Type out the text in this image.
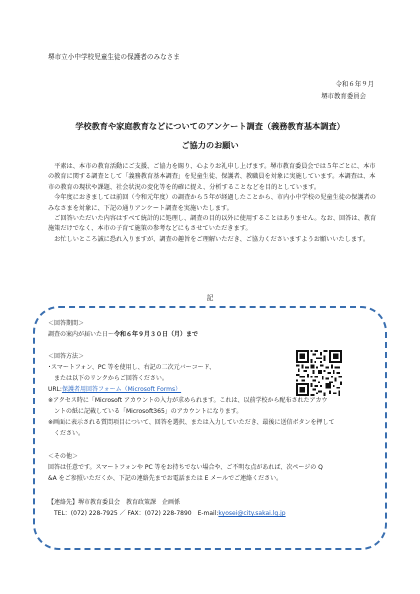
堺市立小中学校児童生徒の保護者のみなさま
令和６年９月
堺市教育委員会
学校教育や家庭教育などについてのアンケート調査（義務教育基本調査）
ご協力のお願い

　平素は、本市の教育活動にご支援、ご協力を賜り、心よりお礼申し上げます。堺市教育委員会では５年ごとに、本市の教育に関する調査として「義務教育基本調査」を児童生徒、保護者、教職員を対象に実施しています。本調査は、本市の教育の現状や課題、社会状況の変化等を的確に捉え、分析することなどを目的としています。

　今年度におきましては前回（令和元年度）の調査から５年が経過したことから、市内小中学校の児童生徒の保護者のみなさまを対象に、下記の通りアンケート調査を実施いたします。

　ご回答いただいた内容はすべて統計的に処理し、調査の目的以外に使用することはありません。なお、回答は、教育施策だけでなく、本市の子育て施策の参考などにもさせていただきます。

　お忙しいところ誠に恐れ入りますが、調査の趣旨をご理解いただき、ご協力くださいますようお願いいたします。

記
＜回答期間＞
調査の案内が届いた日～令和６年９月３０日（月）まで
＜回答方法＞
･スマートフォン、PC 等を使用し、右記の二次元バーコード、
　または以下のリンクからご回答ください。
URL:保護者用回答フォーム（Microsoft Forms）
※アクセス時に「Microsoft アカウントの入力が求められます。これは、以前学校から配布されたアカウ
　ントの紙に記載している「Microsoft365」のアカウントになります。
※画面に表示される質問項目について、回答を選択、または入力していただき、最後に送信ボタンを押して
　ください。
＜その他＞
回答は任意です。スマートフォンや PC 等をお持ちでない場合や、ご不明な点があれば、次ページの Q
&A をご参照いただくか、下記の連絡先までお電話または E メールでご連絡ください。
【連絡先】堺市教育委員会　教育政策課　企画係
　TEL：(072) 228-7925 ／ FAX：(072) 228-7890　E-mail:kyosei@city.sakai.lg.jp
